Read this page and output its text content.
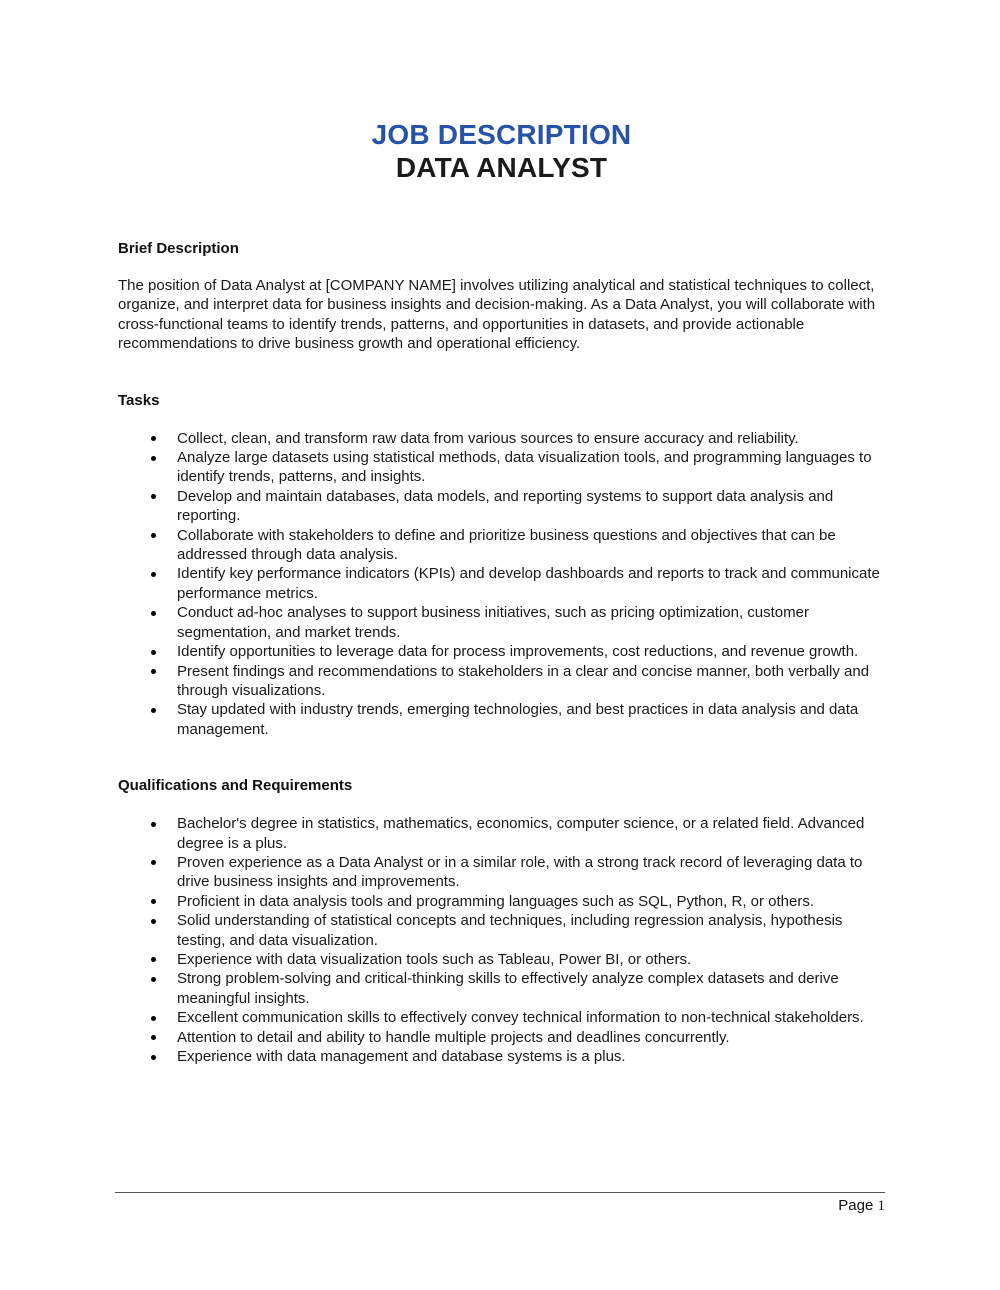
JOB DESCRIPTION
DATA ANALYST
Brief Description

The position of Data Analyst at [COMPANY NAME] involves utilizing analytical and statistical techniques to collect, organize, and interpret data for business insights and decision-making. As a Data Analyst, you will collaborate with cross-functional teams to identify trends, patterns, and opportunities in datasets, and provide actionable recommendations to drive business growth and operational efficiency.

Tasks
Collect, clean, and transform raw data from various sources to ensure accuracy and reliability.
Analyze large datasets using statistical methods, data visualization tools, and programming languages to identify trends, patterns, and insights.
Develop and maintain databases, data models, and reporting systems to support data analysis and reporting.
Collaborate with stakeholders to define and prioritize business questions and objectives that can be addressed through data analysis.
Identify key performance indicators (KPIs) and develop dashboards and reports to track and communicate performance metrics.
Conduct ad-hoc analyses to support business initiatives, such as pricing optimization, customer segmentation, and market trends.
Identify opportunities to leverage data for process improvements, cost reductions, and revenue growth.
Present findings and recommendations to stakeholders in a clear and concise manner, both verbally and through visualizations.
Stay updated with industry trends, emerging technologies, and best practices in data analysis and data management.
Qualifications and Requirements
Bachelor's degree in statistics, mathematics, economics, computer science, or a related field. Advanced degree is a plus.
Proven experience as a Data Analyst or in a similar role, with a strong track record of leveraging data to drive business insights and improvements.
Proficient in data analysis tools and programming languages such as SQL, Python, R, or others.
Solid understanding of statistical concepts and techniques, including regression analysis, hypothesis testing, and data visualization.
Experience with data visualization tools such as Tableau, Power BI, or others.
Strong problem-solving and critical-thinking skills to effectively analyze complex datasets and derive meaningful insights.
Excellent communication skills to effectively convey technical information to non-technical stakeholders.
Attention to detail and ability to handle multiple projects and deadlines concurrently.
Experience with data management and database systems is a plus.
Page 1
